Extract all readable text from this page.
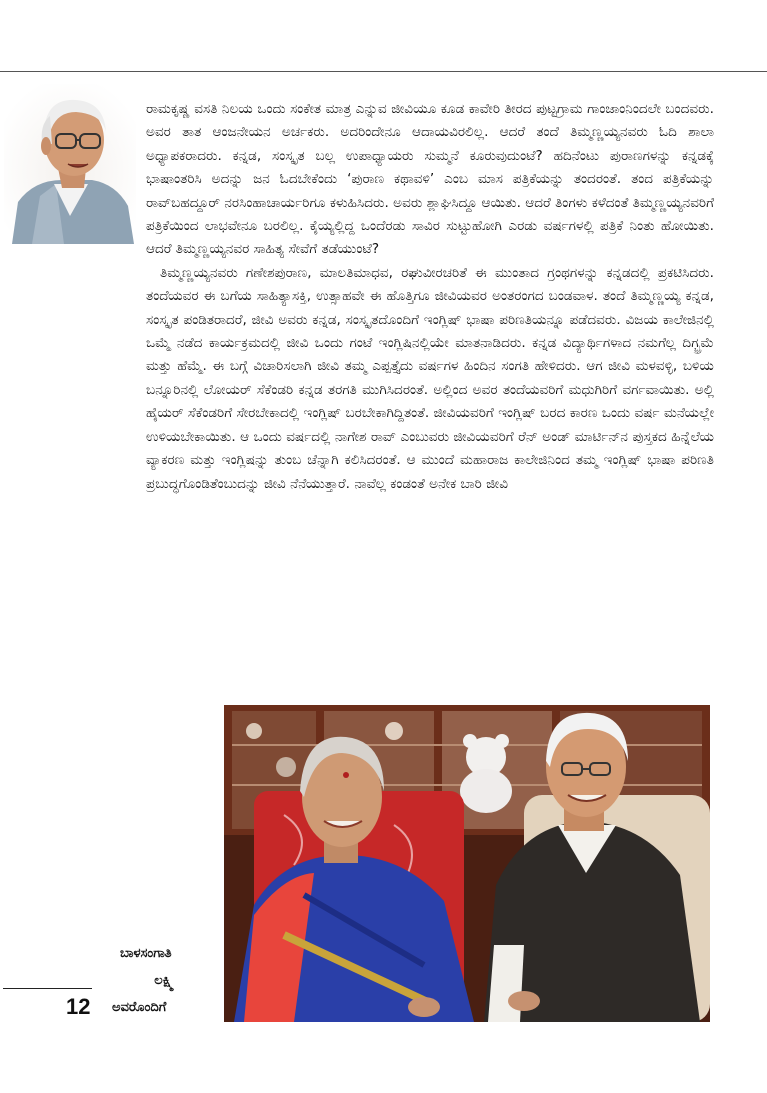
ರಾಮಕೃಷ್ಣ ವಸತಿ ನಿಲಯ ಒಂದು ಸಂಕೇತ ಮಾತ್ರ ಎನ್ನುವ ಜೀವಿಯೂ ಕೂಡ ಕಾವೇರಿ ತೀರದ ಪುಟ್ಟಗ್ರಾಮ ಗಾಂಜಾಂನಿಂದಲೇ ಬಂದವರು. ಅವರ ತಾತ ಆಂಜನೇಯನ ಅರ್ಚಕರು. ಅದರಿಂದೇನೂ ಆದಾಯವಿರಲಿಲ್ಲ. ಆದರೆ ತಂದೆ ತಿಮ್ಮಣ್ಣಯ್ಯನವರು ಓದಿ ಶಾಲಾ ಅಧ್ಯಾಪಕರಾದರು. ಕನ್ನಡ, ಸಂಸ್ಕೃತ ಬಲ್ಲ ಉಪಾಧ್ಯಾಯರು ಸುಮ್ಮನೆ ಕೂರುವುದುಂಟೆ? ಹದಿನೆಂಟು ಪುರಾಣಗಳನ್ನು ಕನ್ನಡಕ್ಕೆ ಭಾಷಾಂತರಿಸಿ ಅದನ್ನು ಜನ ಓದಬೇಕೆಂದು ‘ಪುರಾಣ ಕಥಾವಳಿ’ ಎಂಬ ಮಾಸ ಪತ್ರಿಕೆಯನ್ನು ತಂದರಂತೆ. ತಂದ ಪತ್ರಿಕೆಯನ್ನು ರಾವ್‌ಬಹದ್ದೂರ್ ನರಸಿಂಹಾಚಾರ್ಯರಿಗೂ ಕಳುಹಿಸಿದರು. ಅವರು ಶ್ಲಾಘಿಸಿದ್ದೂ ಆಯಿತು. ಆದರೆ ತಿಂಗಳು ಕಳೆದಂತೆ ತಿಮ್ಮಣ್ಣಯ್ಯನವರಿಗೆ ಪತ್ರಿಕೆಯಿಂದ ಲಾಭವೇನೂ ಬರಲಿಲ್ಲ. ಕೈಯ್ಯಲ್ಲಿದ್ದ ಒಂದೆರಡು ಸಾವಿರ ಸುಟ್ಟುಹೋಗಿ ಎರಡು ವರ್ಷಗಳಲ್ಲಿ ಪತ್ರಿಕೆ ನಿಂತು ಹೋಯಿತು. ಆದರೆ ತಿಮ್ಮಣ್ಣಯ್ಯನವರ ಸಾಹಿತ್ಯ ಸೇವೆಗೆ ತಡೆಯುಂಟೆ?

ತಿಮ್ಮಣ್ಣಯ್ಯನವರು ಗಣೇಶಪುರಾಣ, ಮಾಲತಿಮಾಧವ, ರಘುವೀರಚರಿತೆ ಈ ಮುಂತಾದ ಗ್ರಂಥಗಳನ್ನು ಕನ್ನಡದಲ್ಲಿ ಪ್ರಕಟಿಸಿದರು. ತಂದೆಯವರ ಈ ಬಗೆಯ ಸಾಹಿತ್ಯಾಸಕ್ತಿ, ಉತ್ಸಾಹವೇ ಈ ಹೊತ್ತಿಗೂ ಜೀವಿಯವರ ಅಂತರಂಗದ ಬಂಡವಾಳ. ತಂದೆ ತಿಮ್ಮಣ್ಣಯ್ಯ ಕನ್ನಡ, ಸಂಸ್ಕೃತ ಪಂಡಿತರಾದರೆ, ಜೀವಿ ಅವರು ಕನ್ನಡ, ಸಂಸ್ಕೃತದೊಂದಿಗೆ ಇಂಗ್ಲಿಷ್ ಭಾಷಾ ಪರಿಣತಿಯನ್ನೂ ಪಡೆದವರು. ವಿಜಯ ಕಾಲೇಜಿನಲ್ಲಿ ಒಮ್ಮೆ ನಡೆದ ಕಾರ್ಯಕ್ರಮದಲ್ಲಿ ಜೀವಿ ಒಂದು ಗಂಟೆ ಇಂಗ್ಲಿಷಿನಲ್ಲಿಯೇ ಮಾತನಾಡಿದರು. ಕನ್ನಡ ವಿದ್ಯಾರ್ಥಿಗಳಾದ ನಮಗೆಲ್ಲ ದಿಗ್ಭ್ರಮೆ ಮತ್ತು ಹೆಮ್ಮೆ. ಈ ಬಗ್ಗೆ ವಿಚಾರಿಸಲಾಗಿ ಜೀವಿ ತಮ್ಮ ಎಪ್ಪತ್ತೈದು ವರ್ಷಗಳ ಹಿಂದಿನ ಸಂಗತಿ ಹೇಳಿದರು. ಆಗ ಜೀವಿ ಮಳವಳ್ಳಿ, ಬಳಿಯ ಬನ್ನೂರಿನಲ್ಲಿ ಲೋಯರ್ ಸೆಕೆಂಡರಿ ಕನ್ನಡ ತರಗತಿ ಮುಗಿಸಿದರಂತೆ. ಅಲ್ಲಿಂದ ಅವರ ತಂದೆಯವರಿಗೆ ಮಧುಗಿರಿಗೆ ವರ್ಗವಾಯಿತು. ಅಲ್ಲಿ ಹೈಯರ್ ಸೆಕೆಂಡರಿಗೆ ಸೇರಬೇಕಾದಲ್ಲಿ ಇಂಗ್ಲಿಷ್ ಬರಬೇಕಾಗಿದ್ದಿತಂತೆ. ಜೀವಿಯವರಿಗೆ ಇಂಗ್ಲಿಷ್ ಬರದ ಕಾರಣ ಒಂದು ವರ್ಷ ಮನೆಯಲ್ಲೇ ಉಳಿಯಬೇಕಾಯಿತು. ಆ ಒಂದು ವರ್ಷದಲ್ಲಿ ನಾಗೇಶ ರಾವ್ ಎಂಬುವರು ಜೀವಿಯವರಿಗೆ ರೆನ್ ಅಂಡ್ ಮಾರ್ಟಿನ್‌ನ ಪುಸ್ತಕದ ಹಿನ್ನೆಲೆಯ ವ್ಯಾಕರಣ ಮತ್ತು ಇಂಗ್ಲಿಷನ್ನು ತುಂಬ ಚೆನ್ನಾಗಿ ಕಲಿಸಿದರಂತೆ. ಆ ಮುಂದೆ ಮಹಾರಾಜ ಕಾಲೇಜಿನಿಂದ ತಮ್ಮ ಇಂಗ್ಲಿಷ್ ಭಾಷಾ ಪರಿಣತಿ ಪ್ರಬುದ್ಧಗೊಂಡಿತೆಂಬುದನ್ನು ಜೀವಿ ನೆನೆಯುತ್ತಾರೆ. ನಾವೆಲ್ಲ ಕಂಡಂತೆ ಅನೇಕ ಬಾರಿ ಜೀವಿ

ಬಾಳಸಂಗಾತಿ
ಲಕ್ಷ್ಮಿ
ಅವರೊಂದಿಗೆ
12
